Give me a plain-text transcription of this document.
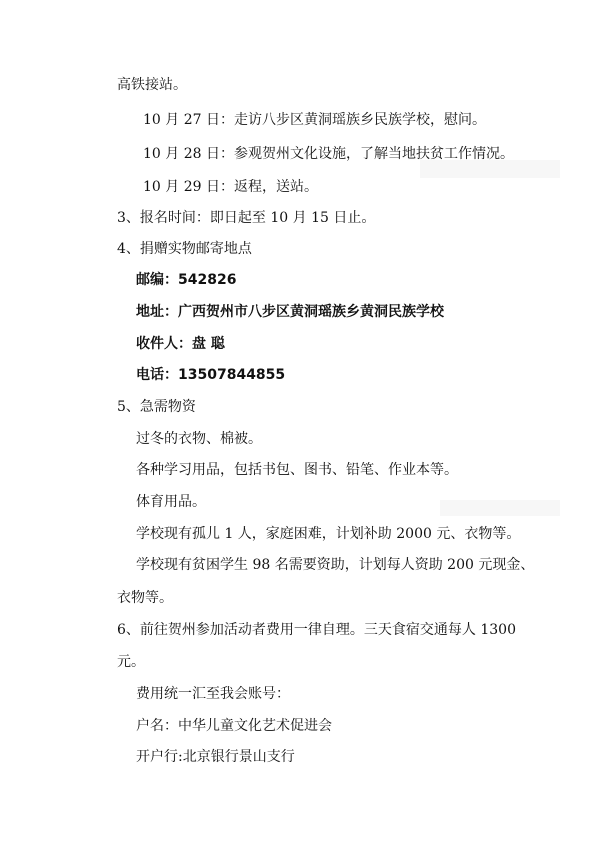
高铁接站。
10 月 27 日：走访八步区黄洞瑶族乡民族学校，慰问。
10 月 28 日：参观贺州文化设施，了解当地扶贫工作情况。
10 月 29 日：返程，送站。
3、报名时间：即日起至 10 月 15 日止。
4、捐赠实物邮寄地点
邮编：542826
地址：广西贺州市八步区黄洞瑶族乡黄洞民族学校
收件人：盘 聪
电话：13507844855
5、急需物资
过冬的衣物、棉被。
各种学习用品，包括书包、图书、铅笔、作业本等。
体育用品。
学校现有孤儿 1 人，家庭困难，计划补助 2000 元、衣物等。
学校现有贫困学生 98 名需要资助，计划每人资助 200 元现金、
衣物等。
6、前往贺州参加活动者费用一律自理。三天食宿交通每人 1300
元。
费用统一汇至我会账号：
户名：中华儿童文化艺术促进会
开户行:北京银行景山支行
